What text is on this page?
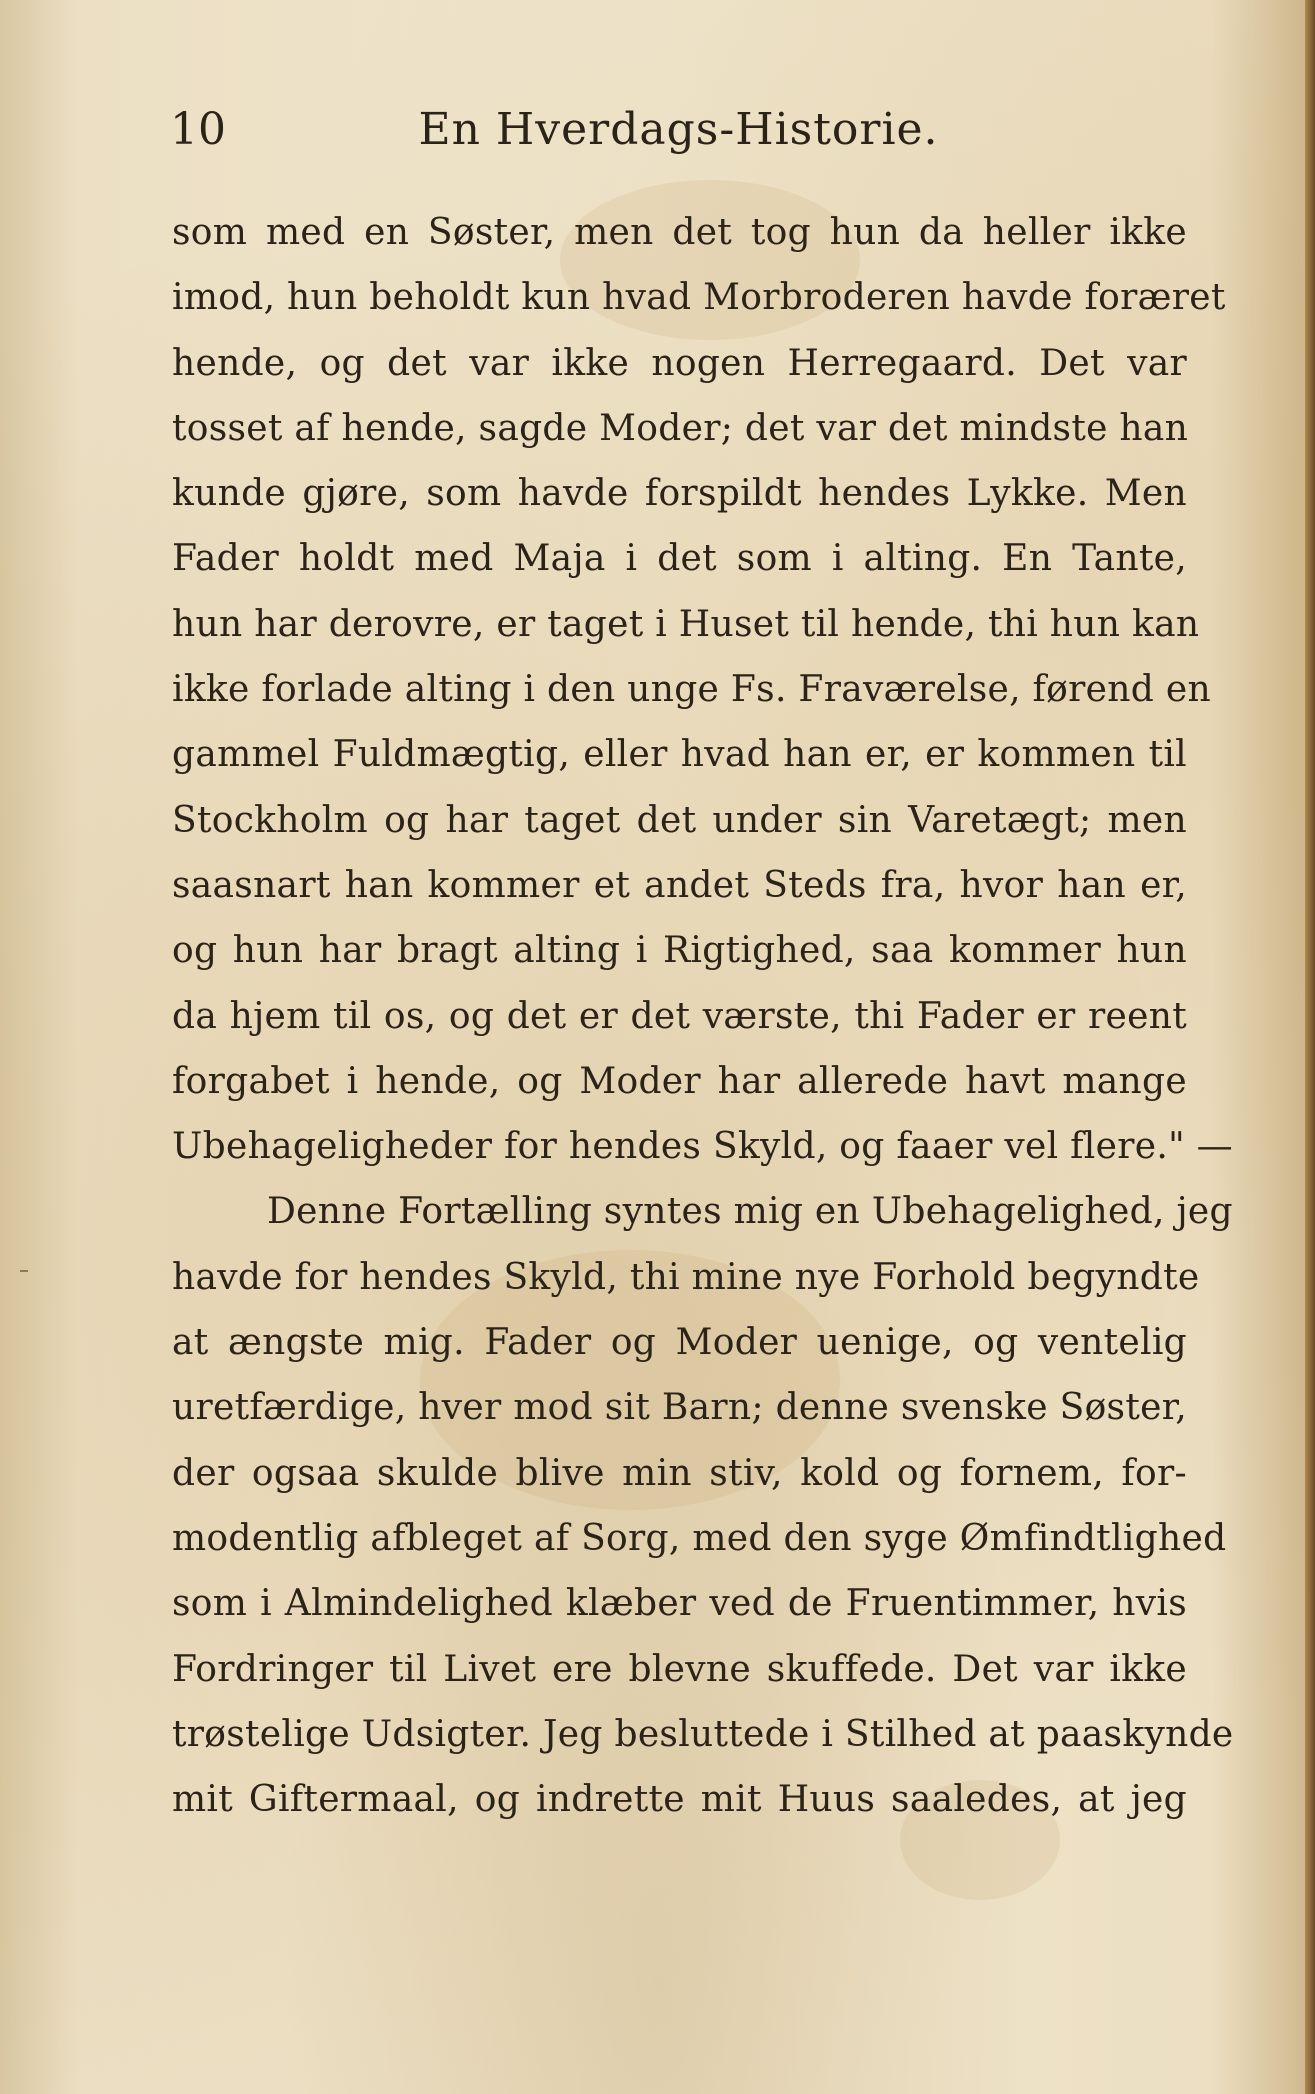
10	En Hverdags-Historie.
som med en Søster, men det tog hun da heller ikke
imod, hun beholdt kun hvad Morbroderen havde foræret
hende, og det var ikke nogen Herregaard. Det var
tosset af hende, sagde Moder; det var det mindste han
kunde gjøre, som havde forspildt hendes Lykke. Men
Fader holdt med Maja i det som i alting. En Tante,
hun har derovre, er taget i Huset til hende, thi hun kan
ikke forlade alting i den unge Fs. Fraværelse, førend en
gammel Fuldmægtig, eller hvad han er, er kommen til
Stockholm og har taget det under sin Varetægt; men
saasnart han kommer et andet Steds fra, hvor han er,
og hun har bragt alting i Rigtighed, saa kommer hun
da hjem til os, og det er det værste, thi Fader er reent
forgabet i hende, og Moder har allerede havt mange
Ubehageligheder for hendes Skyld, og faaer vel flere." —
Denne Fortælling syntes mig en Ubehagelighed, jeg
havde for hendes Skyld, thi mine nye Forhold begyndte
at ængste mig. Fader og Moder uenige, og ventelig
uretfærdige, hver mod sit Barn; denne svenske Søster,
der ogsaa skulde blive min stiv, kold og fornem, for-
modentlig afbleget af Sorg, med den syge Ømfindtlighed
som i Almindelighed klæber ved de Fruentimmer, hvis
Fordringer til Livet ere blevne skuffede. Det var ikke
trøstelige Udsigter. Jeg besluttede i Stilhed at paaskynde
mit Giftermaal, og indrette mit Huus saaledes, at jeg
